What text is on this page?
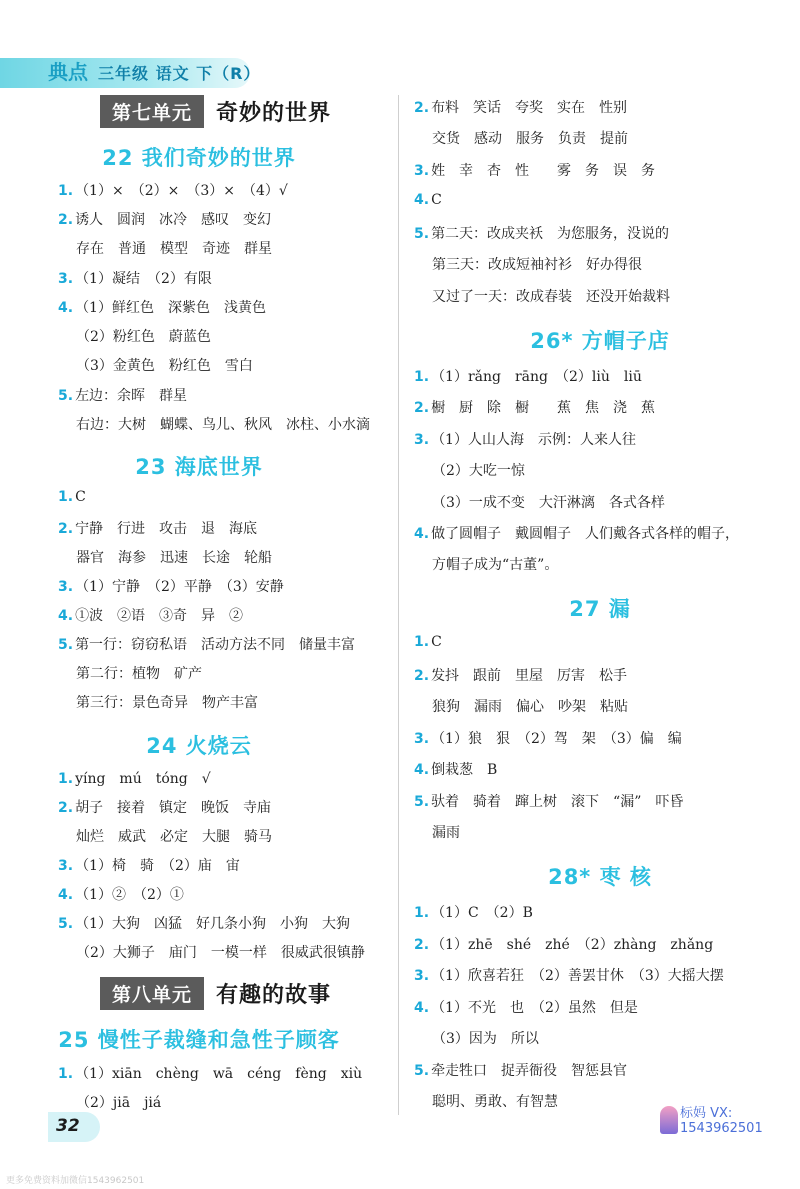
典点 三年级 语文 下（R）
第七单元	奇妙的世界
22 我们奇妙的世界
1. （1）×　（2）×　（3）×　（4）√
2. 诱人　圆润　冰冷　感叹　变幻
存在　普通　模型　奇迹　群星
3. （1）凝结　（2）有限
4. （1）鲜红色　深紫色　浅黄色
（2）粉红色　蔚蓝色
（3）金黄色　粉红色　雪白
5. 左边：余晖　群星
右边：大树　蝴蝶、鸟儿、秋风　冰柱、小水滴
23 海底世界
1. C
2. 宁静　行进　攻击　退　海底
器官　海参　迅速　长途　轮船
3. （1）宁静　（2）平静　（3）安静
4. ①波　②语　③奇　异　②
5. 第一行：窃窃私语　活动方法不同　储量丰富
第二行：植物　矿产
第三行：景色奇异　物产丰富
24 火烧云
1. yíng　mú　tóng　√
2. 胡子　接着　镇定　晚饭　寺庙
灿烂　威武　必定　大腿　骑马
3. （1）椅　骑　（2）庙　宙
4. （1）②　（2）①
5. （1）大狗　凶猛　好几条小狗　小狗　大狗
（2）大狮子　庙门　一模一样　很威武很镇静
第八单元	有趣的故事
25 慢性子裁缝和急性子顾客
1. （1）xiān　chèng　wā　céng　fèng　xiù
（2）jiā　jiá
2. 布料　笑话　夸奖　实在　性别
交货　感动　服务　负责　提前
3. 姓　幸　杏　性　　雾　务　误　务
4. C
5. 第二天：改成夹袄　为您服务，没说的
第三天：改成短袖衬衫　好办得很
又过了一天：改成春装　还没开始裁料
26* 方帽子店
1. （1）rǎng　rāng　（2）liù　liū
2. 橱　厨　除　橱　　蕉　焦　浇　蕉
3. （1）人山人海　示例：人来人往
（2）大吃一惊
（3）一成不变　大汗淋漓　各式各样
4. 做了圆帽子　戴圆帽子　人们戴各式各样的帽子，
方帽子成为“古董”。
27 漏
1. C
2. 发抖　跟前　里屋　厉害　松手
狼狗　漏雨　偏心　吵架　粘贴
3. （1）狼　狠　（2）驾　架　（3）偏　编
4. 倒栽葱　B
5. 驮着　骑着　蹿上树　滚下　“漏”　吓昏
漏雨
28* 枣 核
1. （1）C　（2）B
2. （1）zhē　shé　zhé　（2）zhàng　zhǎng
3. （1）欣喜若狂　（2）善罢甘休　（3）大摇大摆
4. （1）不光　也　（2）虽然　但是
（3）因为　所以
5. 牵走牲口　捉弄衙役　智惩县官
聪明、勇敢、有智慧
32
标妈 VX:
1543962501
更多免费资料加微信1543962501
